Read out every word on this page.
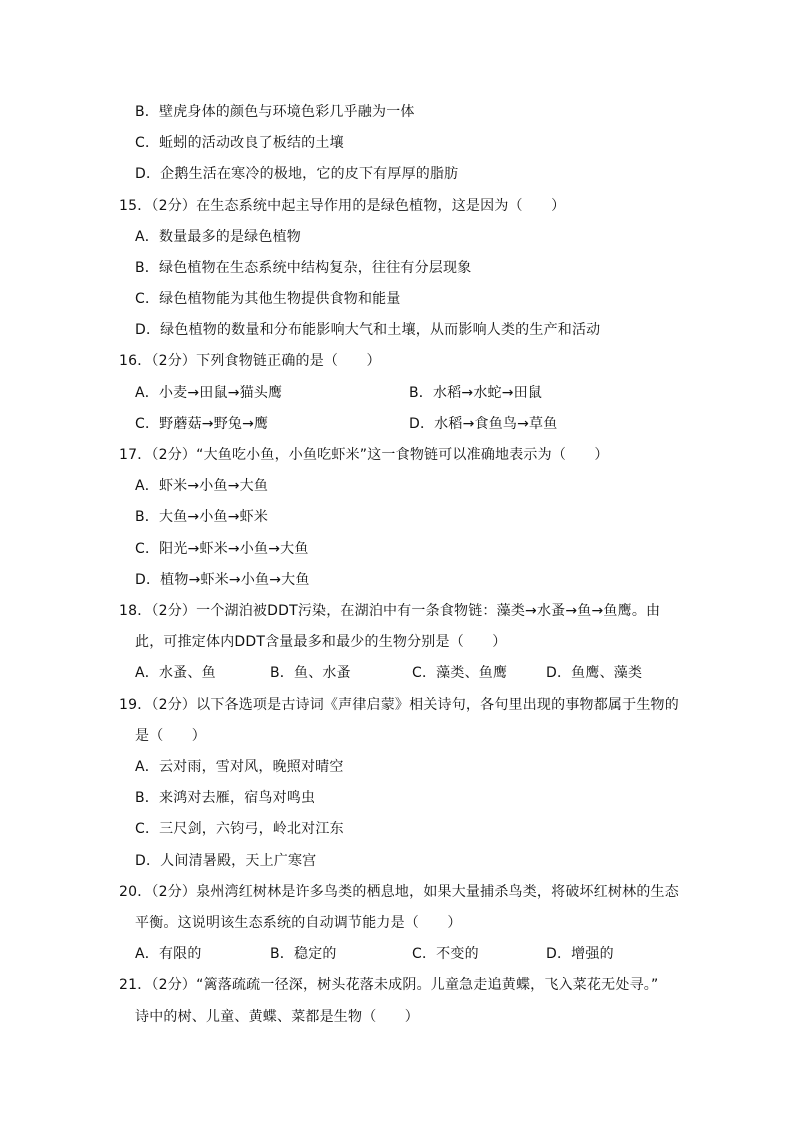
B．壁虎身体的颜色与环境色彩几乎融为一体
C．蚯蚓的活动改良了板结的土壤
D．企鹅生活在寒冷的极地，它的皮下有厚厚的脂肪
15．（2分）在生态系统中起主导作用的是绿色植物，这是因为（　　）
A．数量最多的是绿色植物
B．绿色植物在生态系统中结构复杂，往往有分层现象
C．绿色植物能为其他生物提供食物和能量
D．绿色植物的数量和分布能影响大气和土壤，从而影响人类的生产和活动
16．（2分）下列食物链正确的是（　　）
A．小麦→田鼠→猫头鹰	B．水稻→水蛇→田鼠
C．野蘑菇→野兔→鹰	D．水稻→食鱼鸟→草鱼
17．（2分）“大鱼吃小鱼，小鱼吃虾米”这一食物链可以准确地表示为（　　）
A．虾米→小鱼→大鱼
B．大鱼→小鱼→虾米
C．阳光→虾米→小鱼→大鱼
D．植物→虾米→小鱼→大鱼
18．（2分）一个湖泊被DDT污染，在湖泊中有一条食物链：藻类→水蚤→鱼→鱼鹰。由
此，可推定体内DDT含量最多和最少的生物分别是（　　）
A．水蚤、鱼	B．鱼、水蚤	C．藻类、鱼鹰	D．鱼鹰、藻类
19．（2分）以下各选项是古诗词《声律启蒙》相关诗句，各句里出现的事物都属于生物的
是（　　）
A．云对雨，雪对风，晚照对晴空
B．来鸿对去雁，宿鸟对鸣虫
C．三尺剑，六钧弓，岭北对江东
D．人间清暑殿，天上广寒宫
20．（2分）泉州湾红树林是许多鸟类的栖息地，如果大量捕杀鸟类，将破坏红树林的生态
平衡。这说明该生态系统的自动调节能力是（　　）
A．有限的	B．稳定的	C．不变的	D．增强的
21．（2分）“篱落疏疏一径深，树头花落未成阴。儿童急走追黄蝶，飞入菜花无处寻。”
诗中的树、儿童、黄蝶、菜都是生物（　　）
